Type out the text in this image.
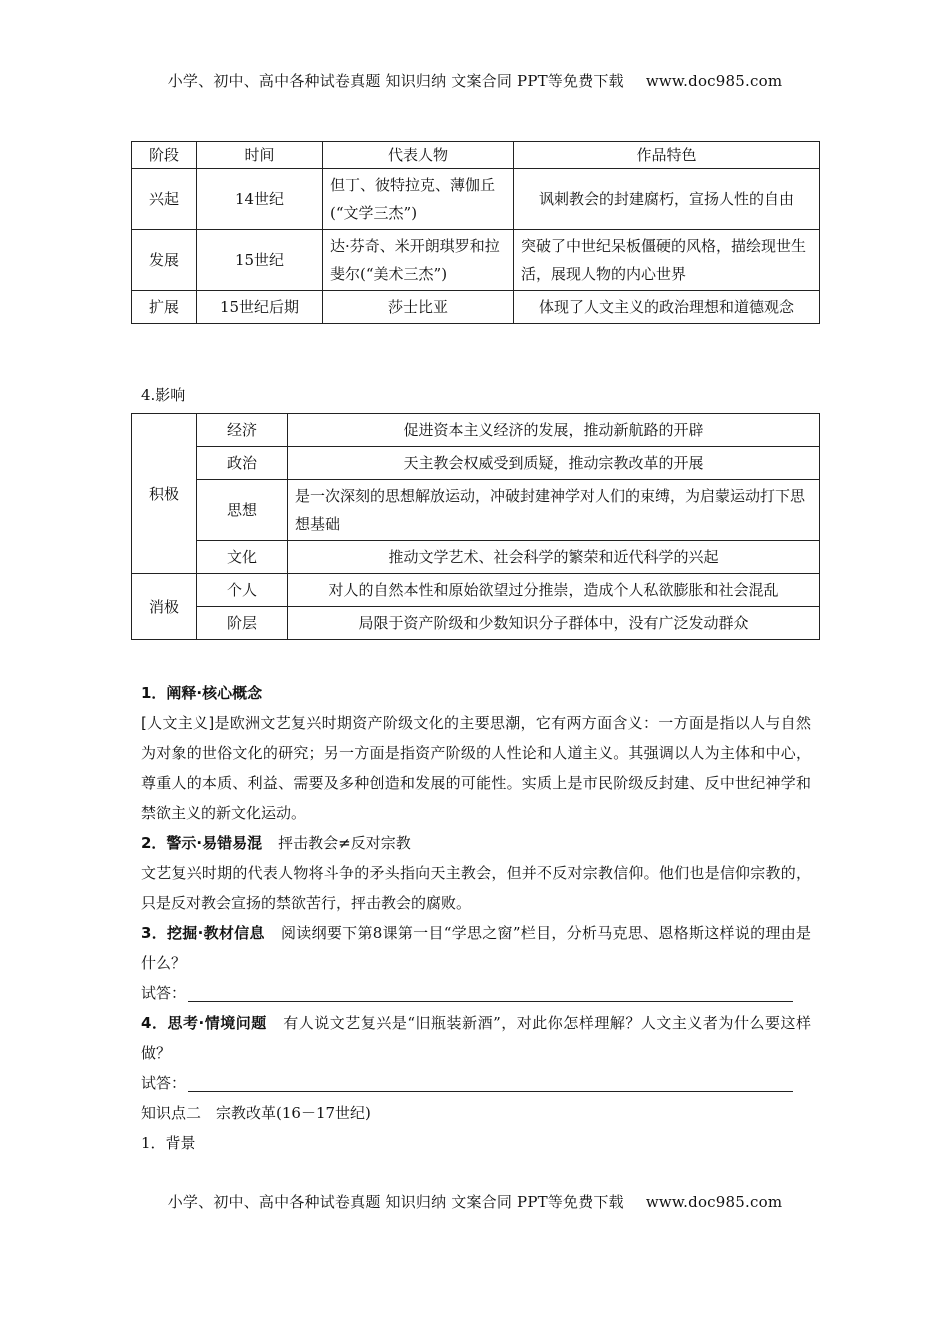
小学、初中、高中各种试卷真题 知识归纳 文案合同 PPT等免费下载 www.doc985.com
阶段	时间	代表人物	作品特色
兴起	14世纪	但丁、彼特拉克、薄伽丘(“文学三杰”)	讽刺教会的封建腐朽，宣扬人性的自由
发展	15世纪	达·芬奇、米开朗琪罗和拉斐尔(“美术三杰”)	突破了中世纪呆板僵硬的风格，描绘现世生活，展现人物的内心世界
扩展	15世纪后期	莎士比亚	体现了人文主义的政治理想和道德观念
4.影响
积极	经济	促进资本主义经济的发展，推动新航路的开辟
	政治	天主教会权威受到质疑，推动宗教改革的开展
	思想	是一次深刻的思想解放运动，冲破封建神学对人们的束缚，为启蒙运动打下思想基础
	文化	推动文学艺术、社会科学的繁荣和近代科学的兴起
消极	个人	对人的自然本性和原始欲望过分推崇，造成个人私欲膨胀和社会混乱
	阶层	局限于资产阶级和少数知识分子群体中，没有广泛发动群众

1．阐释·核心概念

[人文主义]是欧洲文艺复兴时期资产阶级文化的主要思潮，它有两方面含义：一方面是指以人与自然为对象的世俗文化的研究；另一方面是指资产阶级的人性论和人道主义。其强调以人为主体和中心，尊重人的本质、利益、需要及多种创造和发展的可能性。实质上是市民阶级反封建、反中世纪神学和禁欲主义的新文化运动。

2．警示·易错易混 抨击教会≠反对宗教

文艺复兴时期的代表人物将斗争的矛头指向天主教会，但并不反对宗教信仰。他们也是信仰宗教的，只是反对教会宣扬的禁欲苦行，抨击教会的腐败。

3．挖掘·教材信息 阅读纲要下第8课第一目“学思之窗”栏目，分析马克思、恩格斯这样说的理由是什么？

试答：

4．思考·情境问题 有人说文艺复兴是“旧瓶装新酒”，对此你怎样理解？人文主义者为什么要这样做？

试答：

知识点二　宗教改革(16－17世纪)

1．背景

小学、初中、高中各种试卷真题 知识归纳 文案合同 PPT等免费下载 www.doc985.com
